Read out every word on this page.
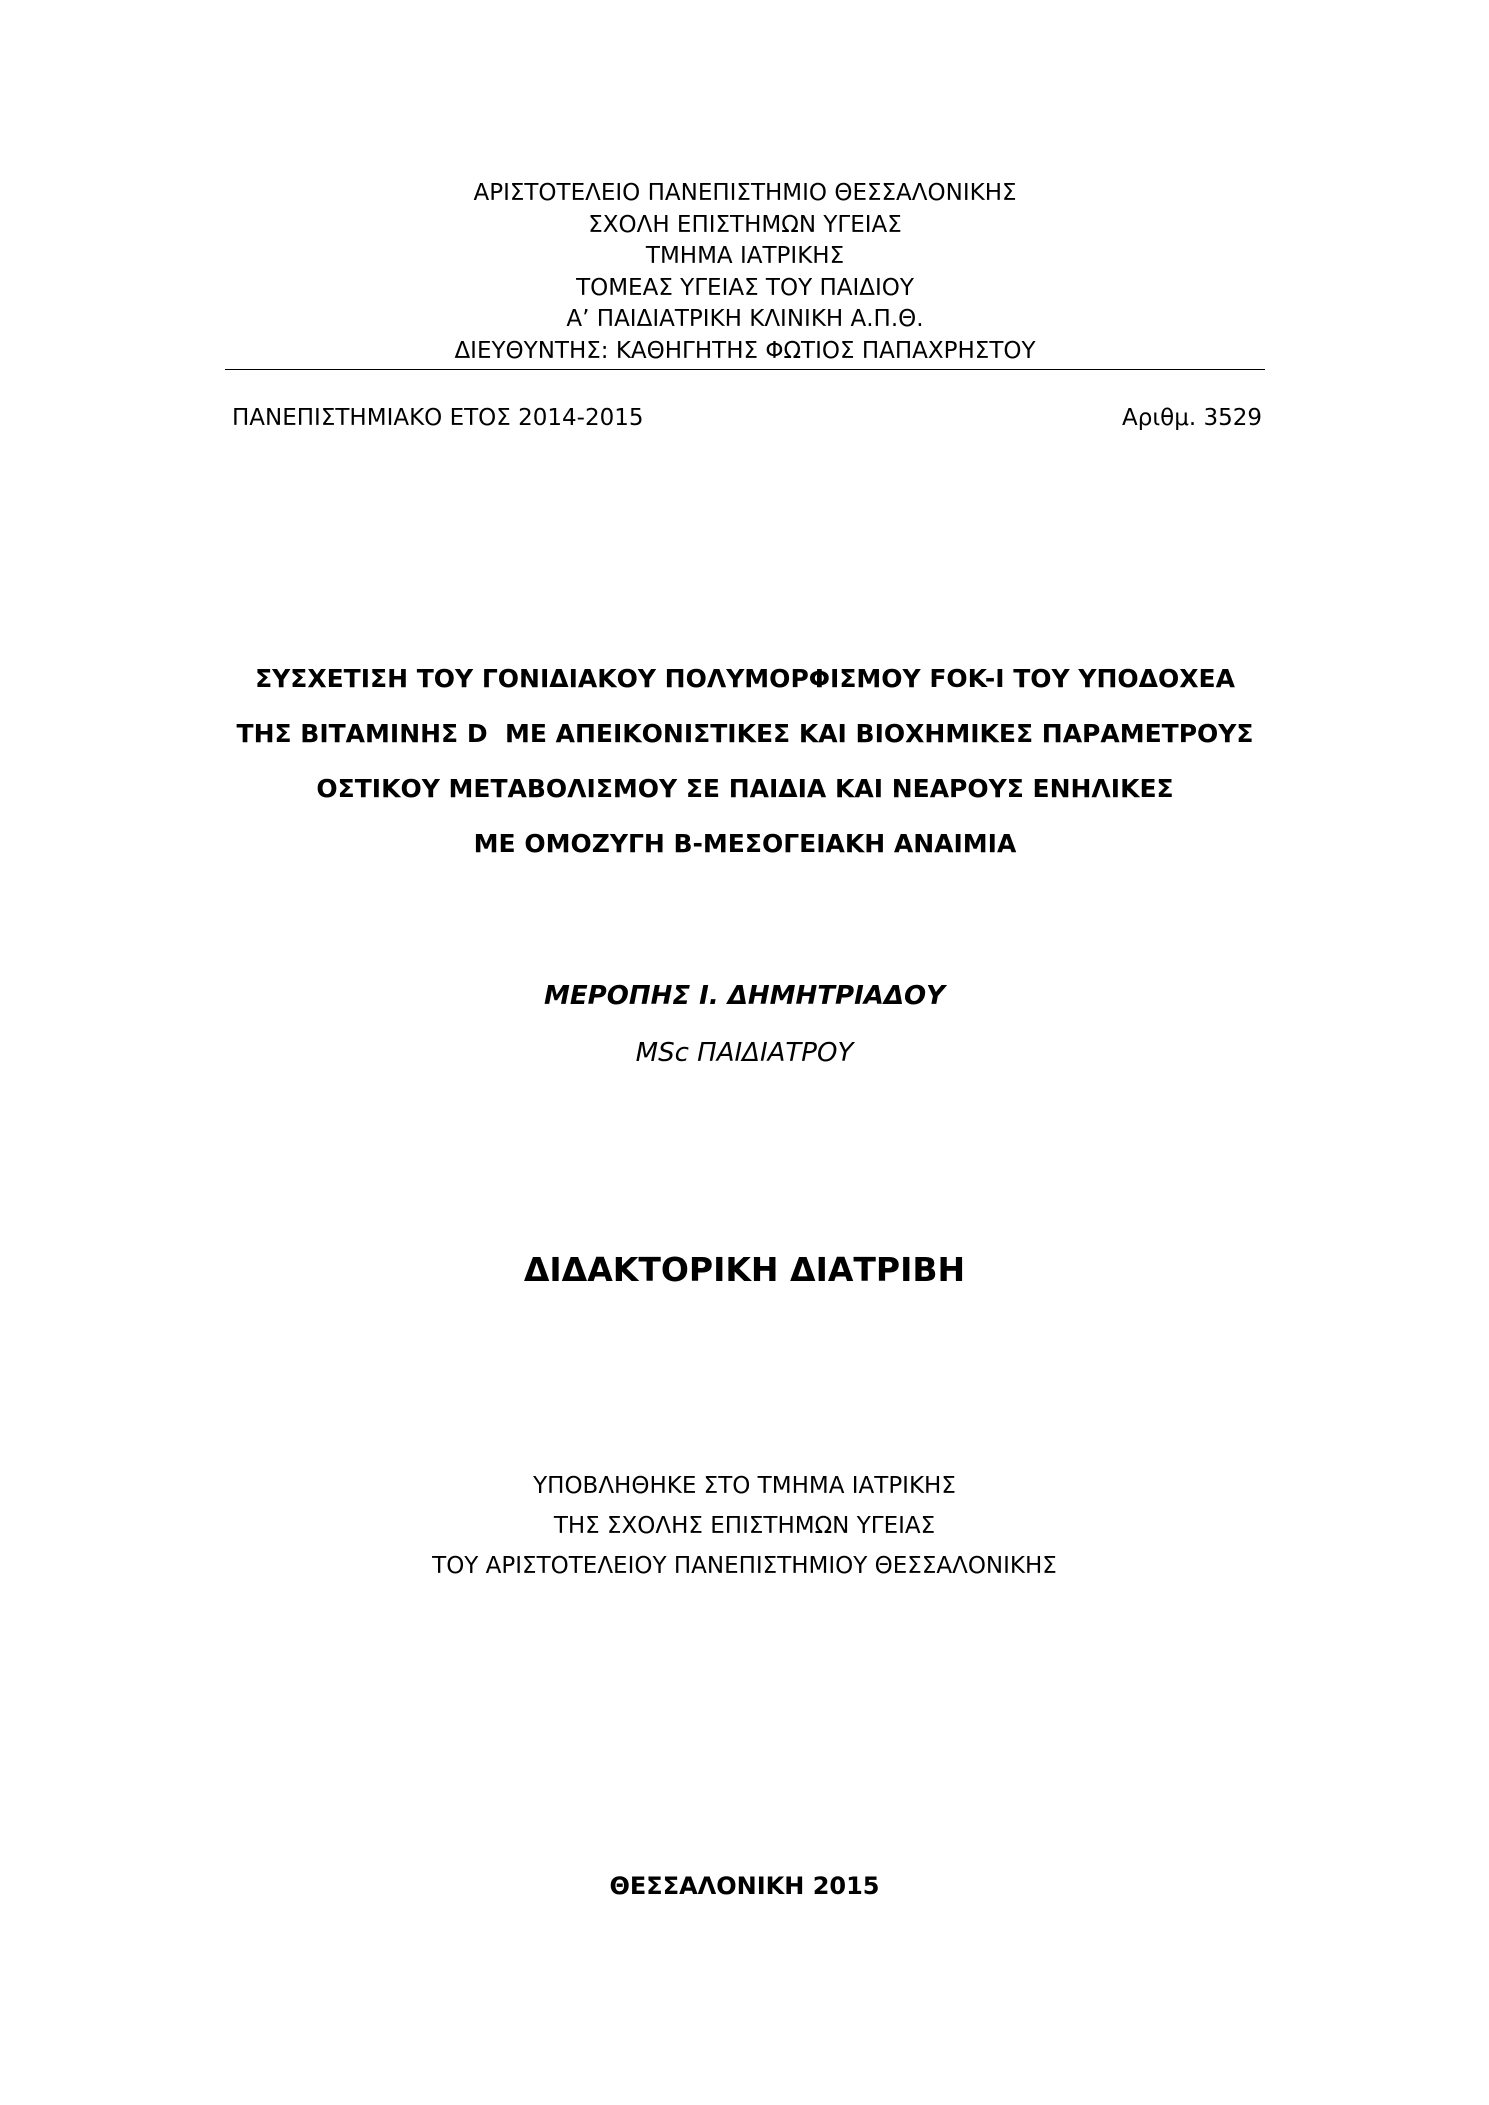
ΑΡΙΣΤΟΤΕΛΕΙΟ ΠΑΝΕΠΙΣΤΗΜΙΟ ΘΕΣΣΑΛΟΝΙΚΗΣ
ΣΧΟΛΗ ΕΠΙΣΤΗΜΩΝ ΥΓΕΙΑΣ
ΤΜΗΜΑ ΙΑΤΡΙΚΗΣ
ΤΟΜΕΑΣ ΥΓΕΙΑΣ ΤΟΥ ΠΑΙΔΙΟΥ
Α’ ΠΑΙΔΙΑΤΡΙΚΗ ΚΛΙΝΙΚΗ Α.Π.Θ.
ΔΙΕΥΘΥΝΤΗΣ: ΚΑΘΗΓΗΤΗΣ ΦΩΤΙΟΣ ΠΑΠΑΧΡΗΣΤΟΥ
ΠΑΝΕΠΙΣΤΗΜΙΑΚΟ ΕΤΟΣ 2014-2015	Αριθμ. 3529
ΣΥΣΧΕΤΙΣΗ ΤΟΥ ΓΟΝΙΔΙΑΚΟΥ ΠΟΛΥΜΟΡΦΙΣΜΟΥ FOK-I ΤΟΥ ΥΠΟΔΟΧΕΑ
ΤΗΣ ΒΙΤΑΜΙΝΗΣ D  ΜΕ ΑΠΕΙΚΟΝΙΣΤΙΚΕΣ ΚΑΙ ΒΙΟΧΗΜΙΚΕΣ ΠΑΡΑΜΕΤΡΟΥΣ
ΟΣΤΙΚΟΥ ΜΕΤΑΒΟΛΙΣΜΟΥ ΣΕ ΠΑΙΔΙΑ ΚΑΙ ΝΕΑΡΟΥΣ ΕΝΗΛΙΚΕΣ
ΜΕ ΟΜΟΖΥΓΗ Β-ΜΕΣΟΓΕΙΑΚΗ ΑΝΑΙΜΙΑ
ΜΕΡΟΠΗΣ Ι. ΔΗΜΗΤΡΙΑΔΟΥ
MSc ΠΑΙΔΙΑΤΡΟΥ
ΔΙΔΑΚΤΟΡΙΚΗ ΔΙΑΤΡΙΒΗ
ΥΠΟΒΛΗΘΗΚΕ ΣΤΟ ΤΜΗΜΑ ΙΑΤΡΙΚΗΣ
ΤΗΣ ΣΧΟΛΗΣ ΕΠΙΣΤΗΜΩΝ ΥΓΕΙΑΣ
ΤΟΥ ΑΡΙΣΤΟΤΕΛΕΙΟΥ ΠΑΝΕΠΙΣΤΗΜΙΟΥ ΘΕΣΣΑΛΟΝΙΚΗΣ
ΘΕΣΣΑΛΟΝΙΚΗ 2015
